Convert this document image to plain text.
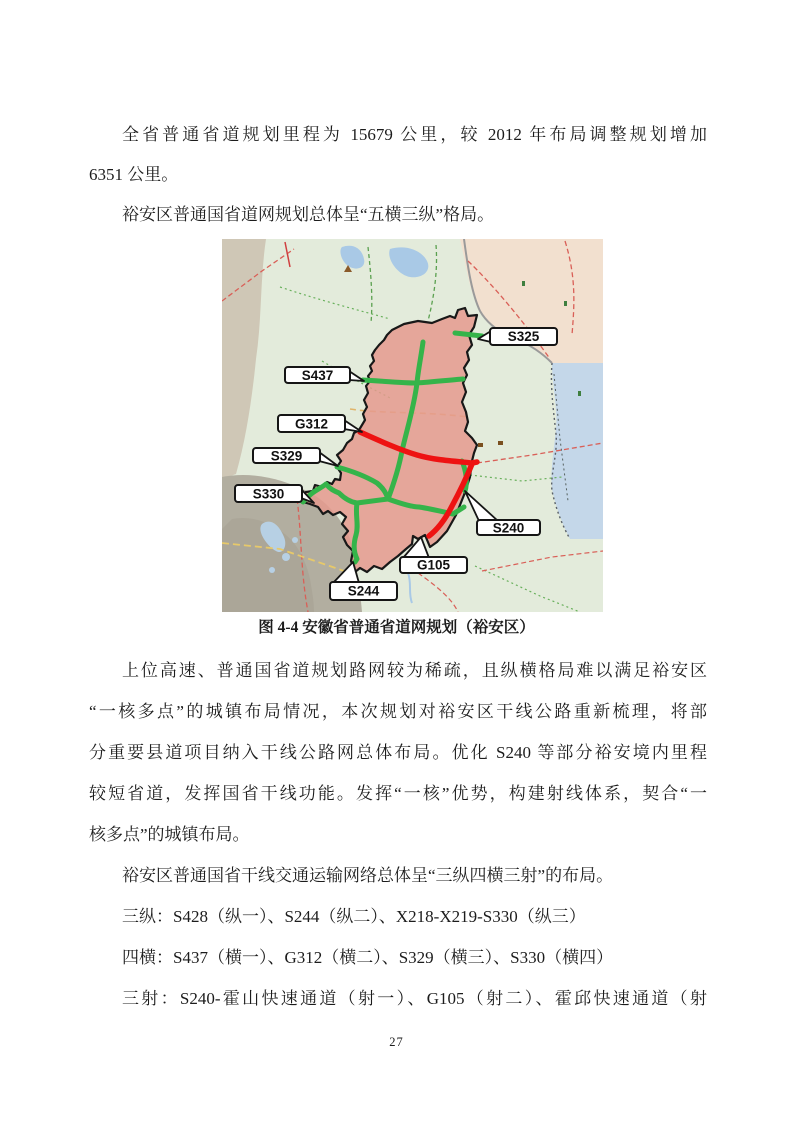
全省普通省道规划里程为 15679 公里，较 2012 年布局调整规划增加
6351 公里。
裕安区普通国省道网规划总体呈“五横三纵”格局。
S325
S437
G312
S329
S330
S240
G105
S244
图 4-4 安徽省普通省道网规划（裕安区）
上位高速、普通国省道规划路网较为稀疏，且纵横格局难以满足裕安区
“一核多点”的城镇布局情况，本次规划对裕安区干线公路重新梳理，将部
分重要县道项目纳入干线公路网总体布局。优化 S240 等部分裕安境内里程
较短省道，发挥国省干线功能。发挥“一核”优势，构建射线体系，契合“一
核多点”的城镇布局。
裕安区普通国省干线交通运输网络总体呈“三纵四横三射”的布局。
三纵：S428（纵一）、S244（纵二）、X218-X219-S330（纵三）
四横：S437（横一）、G312（横二）、S329（横三）、S330（横四）
三射：S240-霍山快速通道（射一）、G105（射二）、霍邱快速通道（射
27
